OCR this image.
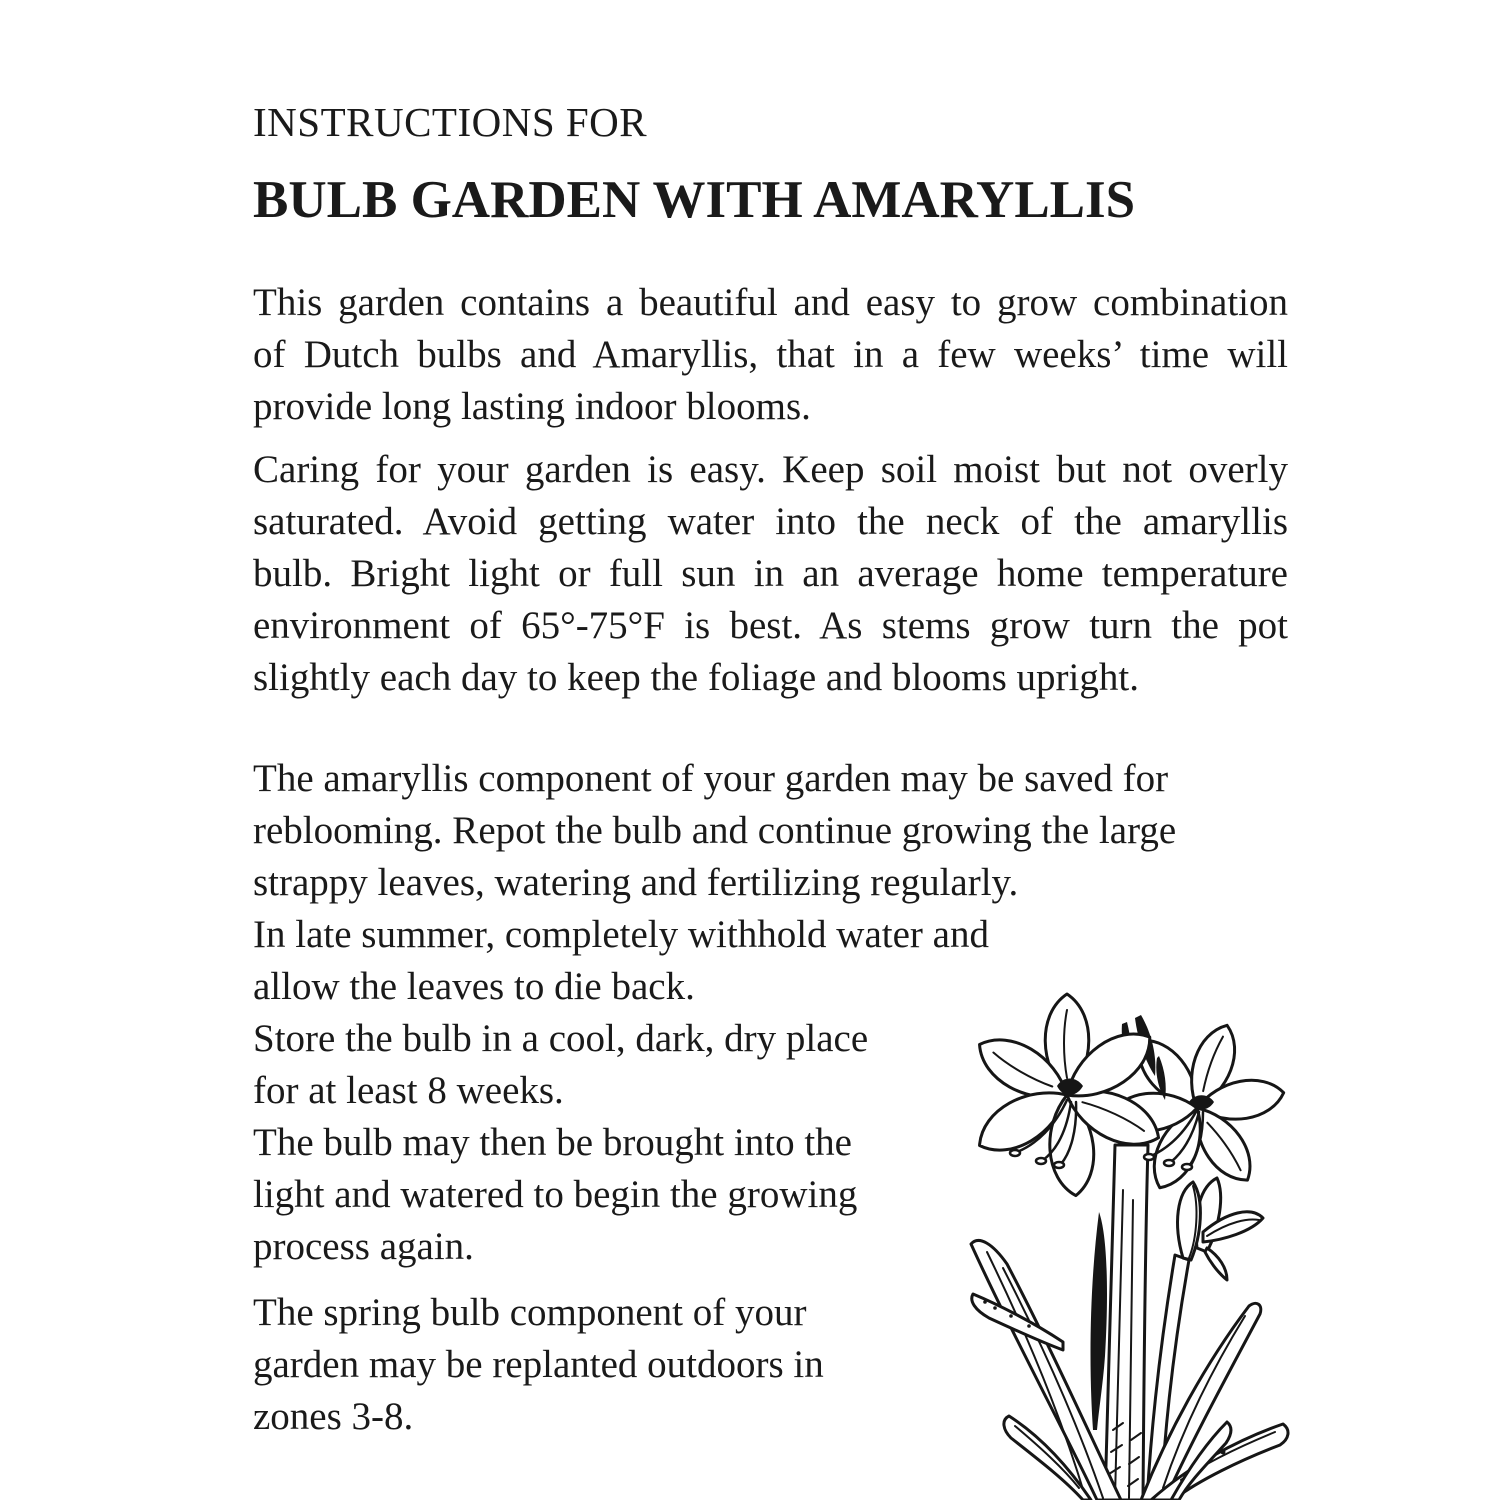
INSTRUCTIONS FOR
BULB GARDEN WITH AMARYLLIS
This garden contains a beautiful and easy to grow combination
of Dutch bulbs and Amaryllis, that in a few weeks’ time will
provide long lasting indoor blooms.
Caring for your garden is easy. Keep soil moist but not overly
saturated. Avoid getting water into the neck of the amaryllis
bulb. Bright light or full sun in an average home temperature
environment of 65°-75°F is best. As stems grow turn the pot
slightly each day to keep the foliage and blooms upright.
The amaryllis component of your garden may be saved for
reblooming. Repot the bulb and continue growing the large
strappy leaves, watering and fertilizing regularly.
In late summer, completely withhold water and
allow the leaves to die back.
Store the bulb in a cool, dark, dry place
for at least 8 weeks.
The bulb may then be brought into the
light and watered to begin the growing
process again.
The spring bulb component of your
garden may be replanted outdoors in
zones 3-8.
